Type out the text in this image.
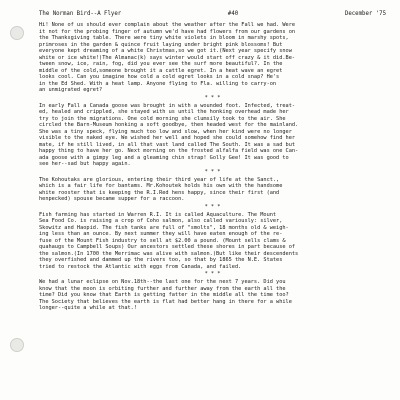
The Norman Bird--A Flyer	#40	December '75
Hi! None of us should ever complain about the weather after the Fall we had. Were
it not for the probing finger of autumn we'd have had flowers from our gardens on
the Thanksgiving table. There were tiny white violets in bloom in marshy spots,
primroses in the garden & quince fruit laying under bright pink blossoms! But
everyone kept dreaming of a white Christmas,so we got it.(Next year specify snow
white or ice white!)The Almanac(k) says winter would start off crazy & it did.Be-
tween snow, ice, rain, fog, did you ever see the surf more beautiful?. In the
middle of the cold,someone brought it a cattle egret. In a heat wave an egret
looks cool. Can you imagine how cold a cold egret looks in a cold snap? He's
in the Ed Shed. With a heat lamp. Anyone flying to Fla. willing to carry-on
an unmigrated egret?
* * *
In early Fall a Canada goose was brought in with a wounded foot. Infected, treat-
ed, healed and crippled, she stayed with us until the honking overhead made her
try to join the migrations. One cold morning she clumsily took to the air. She
circled the Barn-Museum honking a soft goodbye, then headed west for the mainland.
She was a tiny speck, flying much too low and slow, when her kind were no longer
visible to the naked eye. We wished her well and hoped she could somehow find her
mate, if he still lived, in all that vast land called The South. It was a sad but
happy thing to have her go. Next morning on the frosted alfalfa field was one Can-
ada goose with a gimpy leg and a gleaming chin strap! Golly Gee! It was good to
see her--sad but happy again.
* * *
The Kohoutaks are glorious, entering their third year of life at the Sanct.,
which is a fair life for bantams. Mr.Kohoutek holds his own with the handsome
white rooster that is keeping the R.I.Red hens happy, since their first (and
henpecked) spouse became supper for a raccoon.
* * *
Fish farming has started in Warren R.I. It is called Aquaculture. The Mount
Sea Food Co. is raising a crop of Coho salmon, also called variously: silver,
Skowitz and Haopid. The fish tanks are full of "smolts", 18 months old & weigh-
ing less than an ounce. By next summer they will have eaten enough of the re-
fuse of the Mount Fish industry to sell at $2.00 a pound. (Mount sells clams &
quahaugs to Campbell Soups) Our ancestors settled these shores in part because of
the salmon.(In 1700 the Merrimac was alive with salmon.)But like their descendents
they overfished and dammed up the rivers too, so that by 1865 the N.E. States
tried to restock the Atlantic with eggs from Canada, and failed.
* * *
We had a lunar eclipse on Nov.18th--the last one for the next 7 years. Did you
know that the moon is orbiting further and further away from the earth all the
time? Did you know that Earth is getting fatter in the middle all the time too?
The Society that believes the earth is flat had better hang in there for a while
longer--quite a while at that.!
